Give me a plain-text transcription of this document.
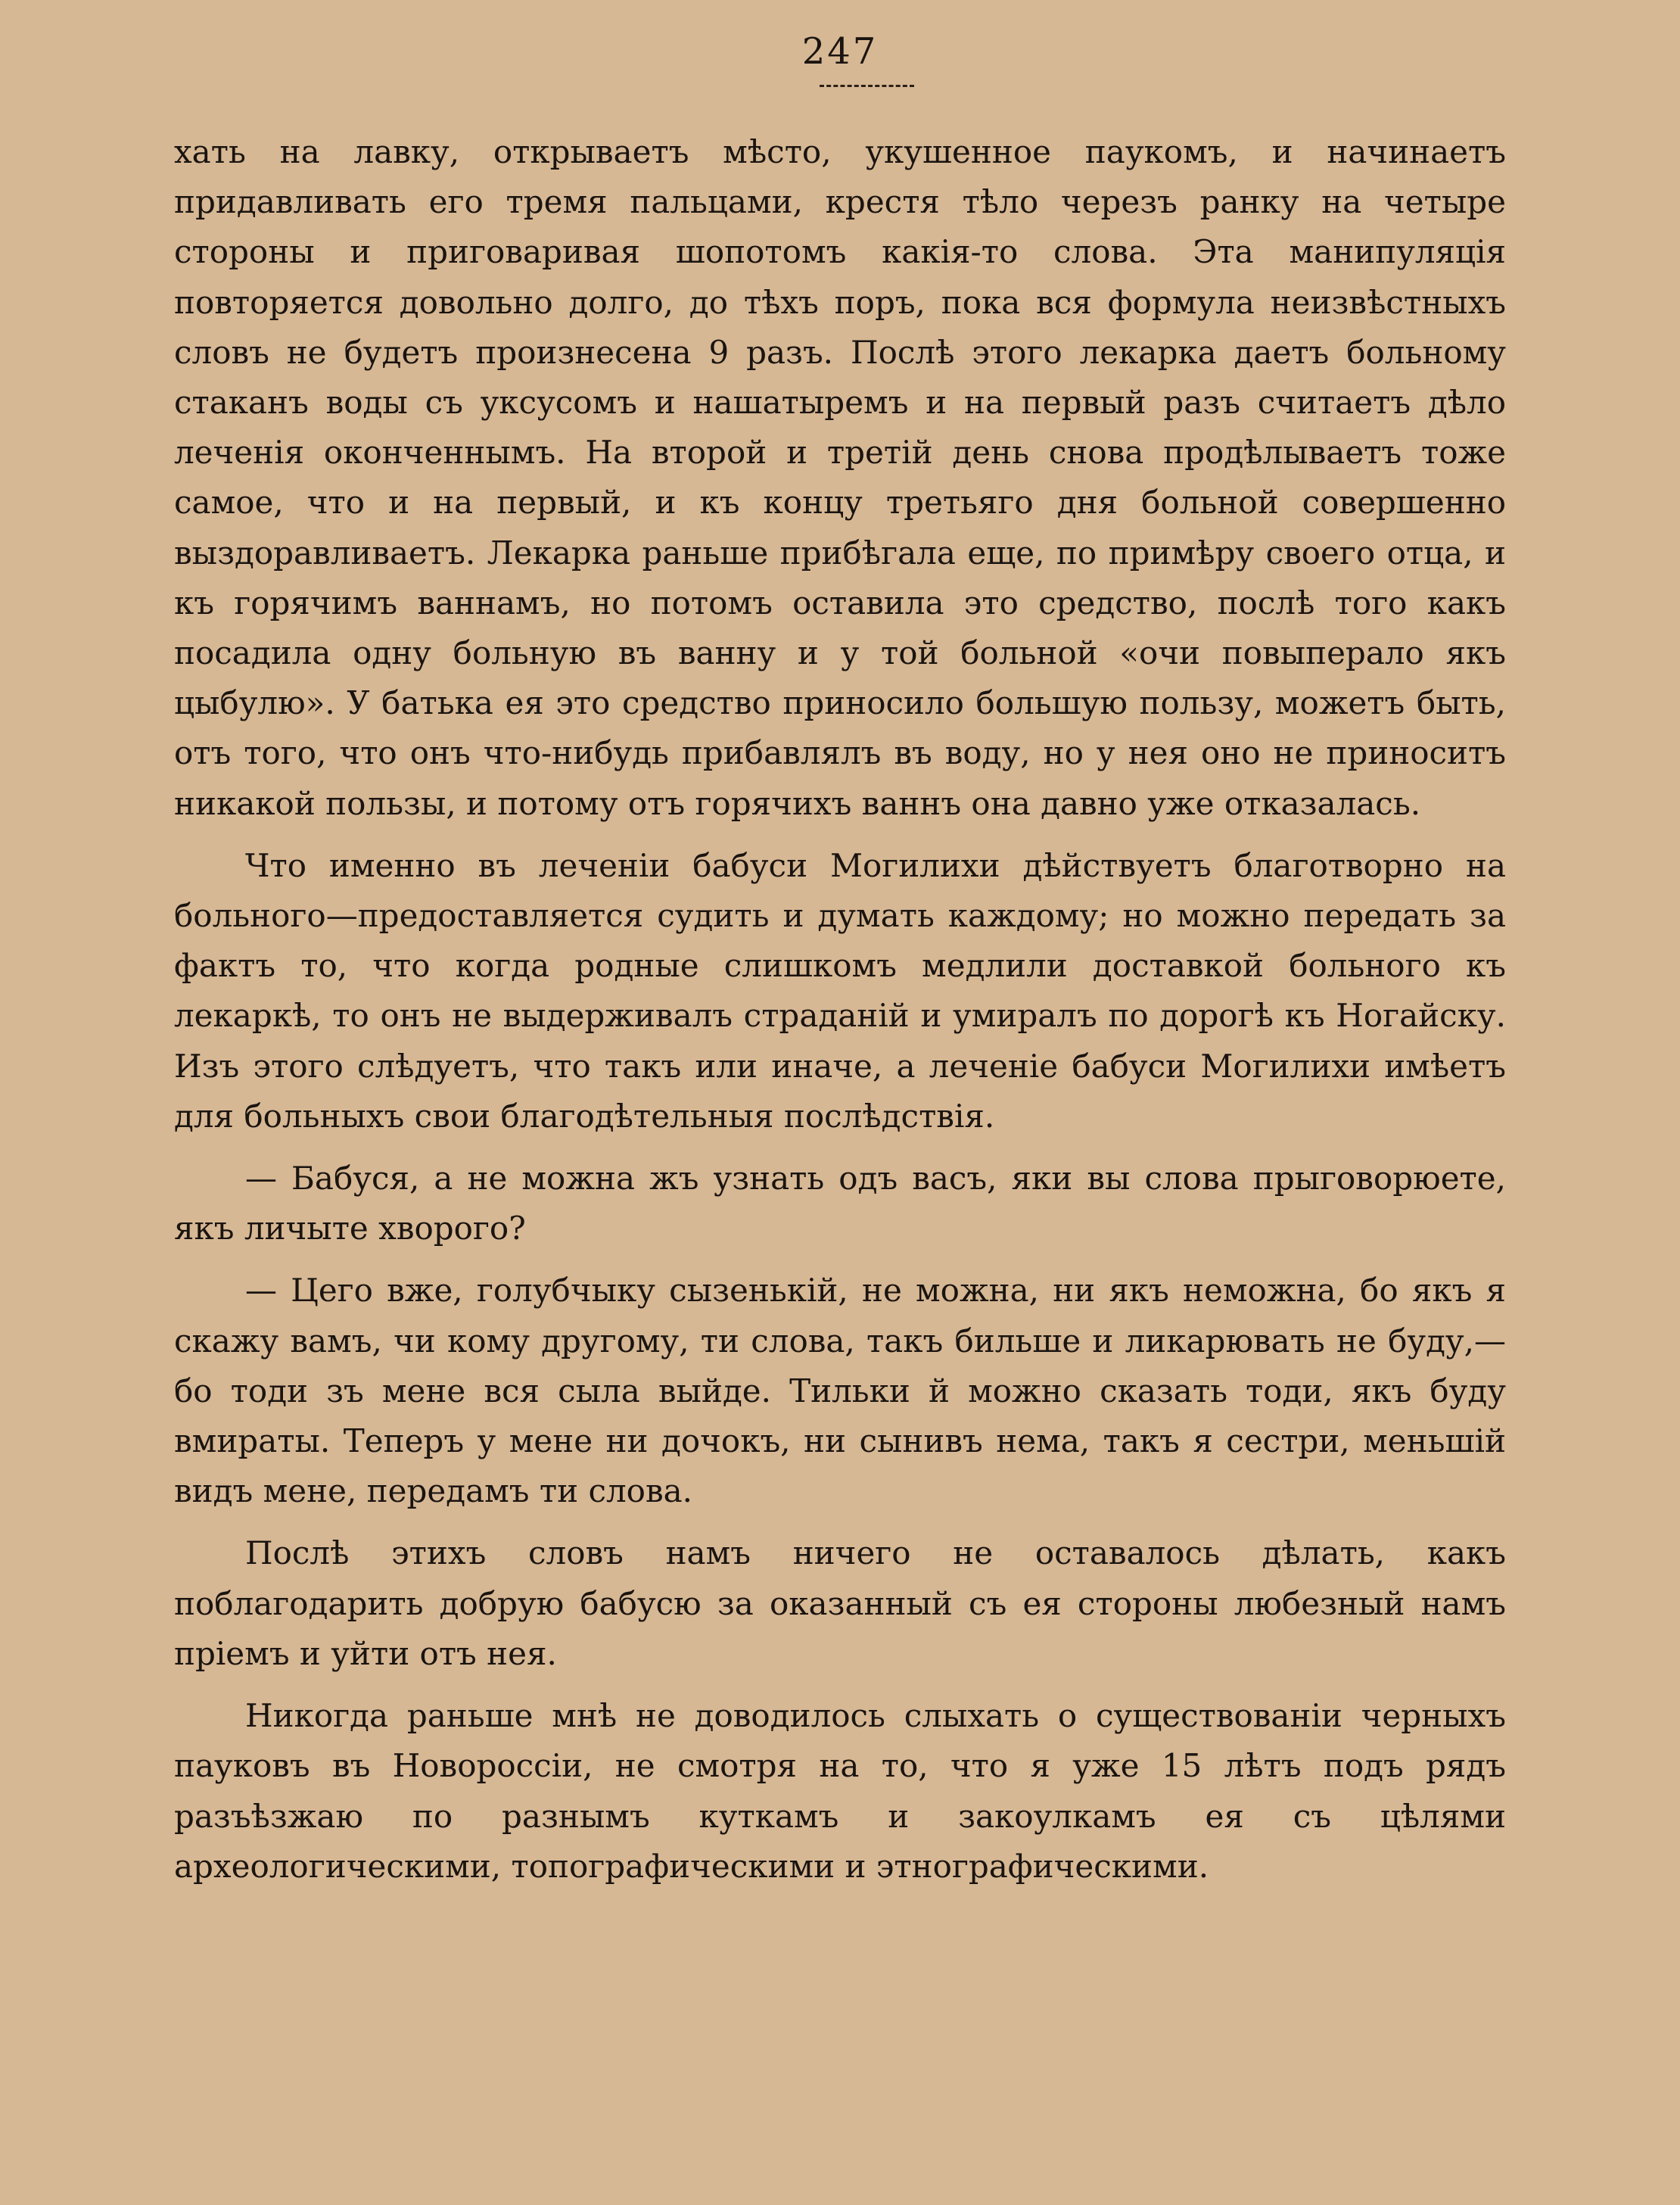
247

хать на лавку, открываетъ мѣсто, укушенное паукомъ, и начинаетъ придавливать его тремя пальцами, крестя тѣло черезъ ранку на четыре стороны и приговаривая шопотомъ какія-то слова. Эта манипуляція повторяется довольно долго, до тѣхъ поръ, пока вся формула неизвѣстныхъ словъ не будетъ произнесена 9 разъ. Послѣ этого лекарка даетъ больному стаканъ воды съ уксусомъ и нашатыремъ и на первый разъ считаетъ дѣло леченія оконченнымъ. На второй и третій день снова продѣлываетъ тоже самое, что и на первый, и къ концу третьяго дня больной совершенно выздоравливаетъ. Лекарка раньше прибѣгала еще, по примѣру своего отца, и къ горячимъ ваннамъ, но потомъ оставила это средство, послѣ того какъ посадила одну больную въ ванну и у той больной «очи повыперало якъ цыбулю». У батька ея это средство приносило большую пользу, можетъ быть, отъ того, что онъ что-нибудь прибавлялъ въ воду, но у нея оно не приноситъ никакой пользы, и потому отъ горячихъ ваннъ она давно уже отказалась.

Что именно въ леченіи бабуси Могилихи дѣйствуетъ благотворно на больного—предоставляется судить и думать каждому; но можно передать за фактъ то, что когда родные слишкомъ медлили доставкой больного къ лекаркѣ, то онъ не выдерживалъ страданій и умиралъ по дорогѣ къ Ногайску. Изъ этого слѣдуетъ, что такъ или иначе, а леченіе бабуси Могилихи имѣетъ для больныхъ свои благодѣтельныя послѣдствія.

— Бабуся, а не можна жъ узнать одъ васъ, яки вы слова прыговорюете, якъ личыте хворого?

— Цего вже, голубчыку сызенькій, не можна, ни якъ неможна, бо якъ я скажу вамъ, чи кому другому, ти слова, такъ бильше и ликарювать не буду,—бо тоди зъ мене вся сыла выйде. Тильки й можно сказать тоди, якъ буду вмираты. Теперъ у мене ни дочокъ, ни сынивъ нема, такъ я сестри, меньшій видъ мене, передамъ ти слова.

Послѣ этихъ словъ намъ ничего не оставалось дѣлать, какъ поблагодарить добрую бабусю за оказанный съ ея стороны любезный намъ пріемъ и уйти отъ нея.

Никогда раньше мнѣ не доводилось слыхать о существованіи черныхъ пауковъ въ Новороссіи, не смотря на то, что я уже 15 лѣтъ подъ рядъ разъѣзжаю по разнымъ куткамъ и закоулкамъ ея съ цѣлями археологическими, топографическими и этнографическими.
